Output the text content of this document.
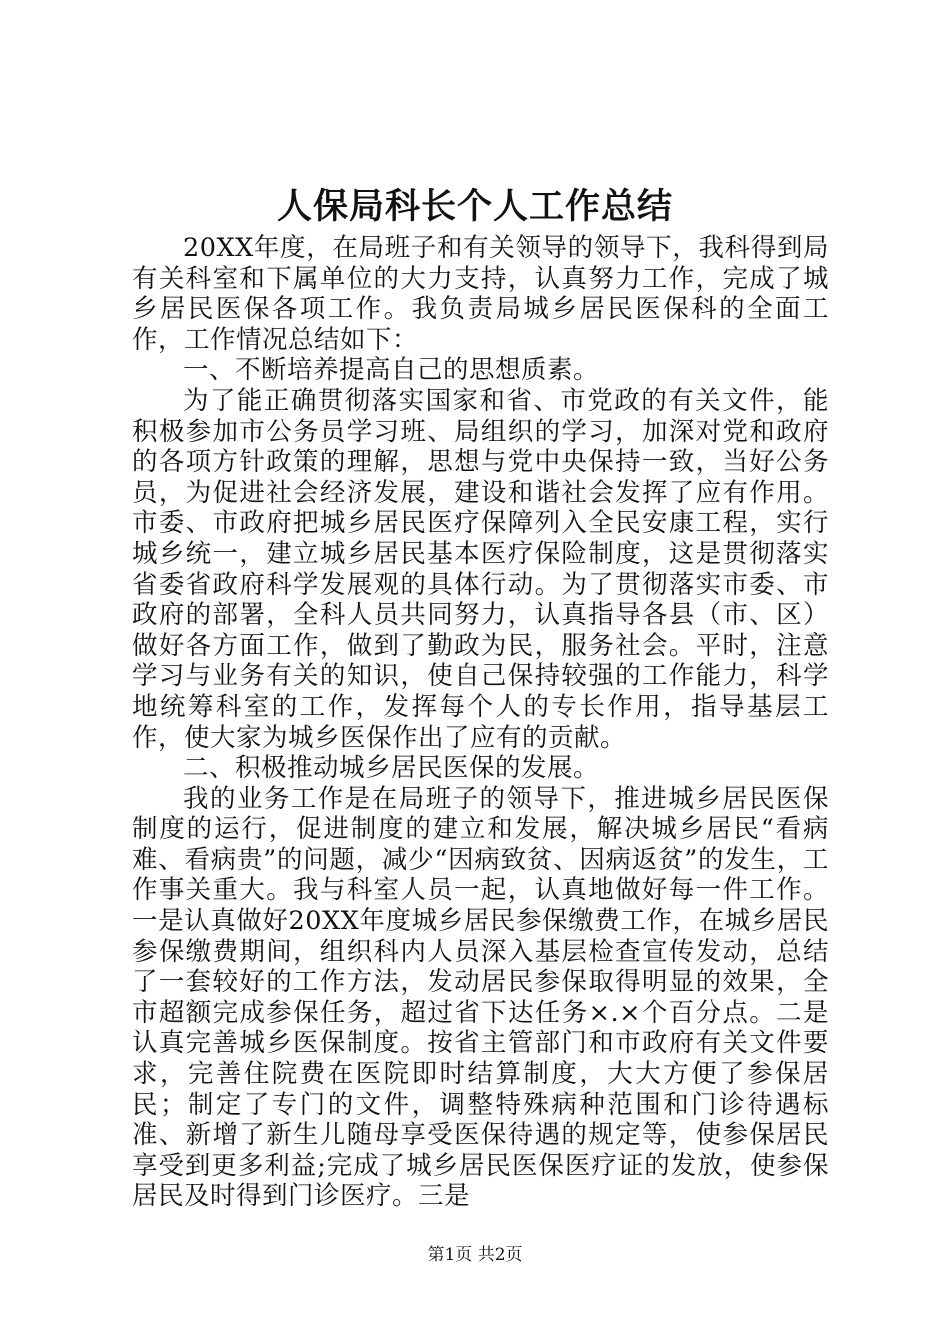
人保局科长个人工作总结

20XX年度，在局班子和有关领导的领导下，我科得到局有关科室和下属单位的大力支持，认真努力工作，完成了城乡居民医保各项工作。我负责局城乡居民医保科的全面工作，工作情况总结如下：

一、不断培养提高自己的思想质素。

为了能正确贯彻落实国家和省、市党政的有关文件，能积极参加市公务员学习班、局组织的学习，加深对党和政府的各项方针政策的理解，思想与党中央保持一致，当好公务员，为促进社会经济发展，建设和谐社会发挥了应有作用。市委、市政府把城乡居民医疗保障列入全民安康工程，实行城乡统一，建立城乡居民基本医疗保险制度，这是贯彻落实省委省政府科学发展观的具体行动。为了贯彻落实市委、市政府的部署，全科人员共同努力，认真指导各县（市、区）做好各方面工作，做到了勤政为民，服务社会。平时，注意学习与业务有关的知识，使自己保持较强的工作能力，科学地统筹科室的工作，发挥每个人的专长作用，指导基层工作，使大家为城乡医保作出了应有的贡献。

二、积极推动城乡居民医保的发展。

我的业务工作是在局班子的领导下，推进城乡居民医保制度的运行，促进制度的建立和发展，解决城乡居民“看病难、看病贵”的问题，减少“因病致贫、因病返贫”的发生，工作事关重大。我与科室人员一起，认真地做好每一件工作。一是认真做好20XX年度城乡居民参保缴费工作，在城乡居民参保缴费期间，组织科内人员深入基层检查宣传发动，总结了一套较好的工作方法，发动居民参保取得明显的效果，全市超额完成参保任务，超过省下达任务×.×个百分点。二是认真完善城乡医保制度。按省主管部门和市政府有关文件要求，完善住院费在医院即时结算制度，大大方便了参保居民；制定了专门的文件，调整特殊病种范围和门诊待遇标准、新增了新生儿随母享受医保待遇的规定等，使参保居民享受到更多利益;完成了城乡居民医保医疗证的发放，使参保居民及时得到门诊医疗。三是

第1页 共2页
